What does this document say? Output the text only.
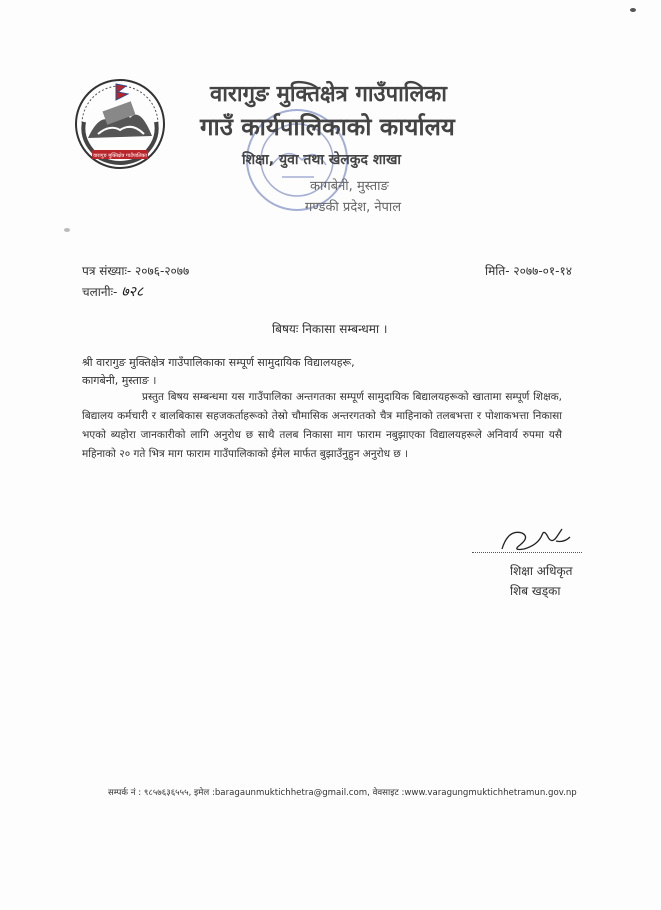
वारागुङ मुक्तिक्षेत्र गाउँपालिका
वारागुङ मुक्तिक्षेत्र गाउँपालिका
गाउँ कार्यपालिकाको कार्यालय
शिक्षा, युवा तथा खेलकुद शाखा
कागबेनी, मुस्ताङ
गण्डकी प्रदेश, नेपाल
पत्र संख्याः- २०७६-२०७७	मिति- २०७७-०१-१४
चलानीः- ७२८
बिषयः निकासा सम्बन्धमा ।
श्री वारागुङ मुक्तिक्षेत्र गाउँपालिकाका सम्पूर्ण सामुदायिक विद्यालयहरू,
कागबेनी, मुस्ताङ ।
प्रस्तुत बिषय सम्बन्धमा यस गाउँपालिका अन्तगतका सम्पूर्ण सामुदायिक बिद्यालयहरूको खातामा सम्पूर्ण शिक्षक, बिद्यालय कर्मचारी र बालबिकास सहजकर्ताहरूको तेस्रो चौमासिक अन्तरगतको चैत्र माहिनाको तलबभत्ता र पोशाकभत्ता निकासा भएको ब्यहोरा जानकारीको लागि अनुरोध छ साथै तलब निकासा माग फाराम नबुझाएका विद्यालयहरूले अनिवार्य रुपमा यसै महिनाको २० गते भित्र माग फाराम गाउँपालिकाको ईमेल मार्फत बुझाउँनुहुन अनुरोध छ ।
शिक्षा अधिकृत
शिब खड्का
सम्पर्क नं : ९८५७६३६५५५, इमेल :baragaunmuktichhetra@gmail.com, वेवसाइट :www.varagungmuktichhetramun.gov.np
